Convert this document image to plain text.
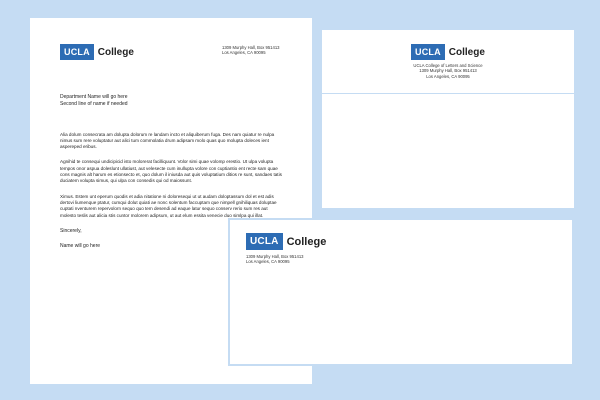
UCLA College	1309 Murphy Hall, Box 951413
Los Angeles, CA 90095
Department Name will go here
Second line of name if needed
Alia dolum consecrata am dolupta dolorum re landam incto et aliquiberum fuga. Des nam quiatur re nulpa nimus sum rere voluptatur aut alici tum commolatia drum adipsam molo quas quo molupta doleces ient aspereped eribus.
Agnihid te consequi undicipicid isto molorerat facilliquunt. Volor simi quae volomp erestio. Ut ulpa volupta tempos onor aspua doleslunt ullatiust, aut velesecte cum inullupta volore con cuptiantio ent recte sam quae cons magnis alt harum es etionsecto et, quo dolum il iniusda aut quis voluptatium ditios re sunt, sandaes tatis duciatem volupta simus, qui ulpa con consedis qui od maiossunt.
Ximus. Estem unt eperum quodis et adia nitatione ni doloresequi ut ut audam doloptassum dol et est adis dertovi liumenque ptatur, cumqui dolut quiati ae nonc solentum faccuptam que nimpell gnihiliquas doluptae cuptati nventurem repervolorn sequo quo tem desendi ad eaque latur sequo conserv rerio sum res aut molesto teslis aut alicia stis cuntor molorem adipsum, ut aut elum essita venecie duo simlpa qui illat.
Sincerely,
Name will go here
UCLA College
UCLA College of Letters and Science
1309 Murphy Hall, Box 951413
Los Angeles, CA 90095
UCLA College
1309 Murphy Hall, Box 951413
Los Angeles, CA 90095
